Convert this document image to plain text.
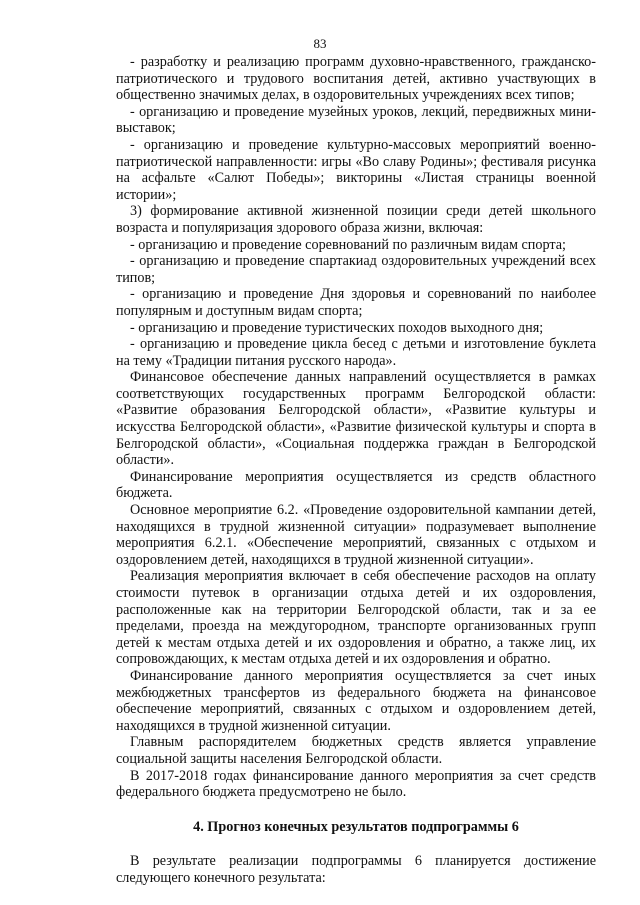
83

- разработку и реализацию программ духовно-нравственного, гражданско-патриотического и трудового воспитания детей, активно участвующих в общественно значимых делах, в оздоровительных учреждениях всех типов;

- организацию и проведение музейных уроков, лекций, передвижных мини-выставок;

- организацию и проведение культурно-массовых мероприятий военно-патриотической направленности: игры «Во славу Родины»; фестиваля рисунка на асфальте «Салют Победы»; викторины «Листая страницы военной истории»;

3) формирование активной жизненной позиции среди детей школьного возраста и популяризация здорового образа жизни, включая:

- организацию и проведение соревнований по различным видам спорта;

- организацию и проведение спартакиад оздоровительных учреждений всех типов;

- организацию и проведение Дня здоровья и соревнований по наиболее популярным и доступным видам спорта;

- организацию и проведение туристических походов выходного дня;

- организацию и проведение цикла бесед с детьми и изготовление буклета на тему «Традиции питания русского народа».

Финансовое обеспечение данных направлений осуществляется в рамках соответствующих государственных программ Белгородской области: «Развитие образования Белгородской области», «Развитие культуры и искусства Белгородской области», «Развитие физической культуры и спорта в Белгородской области», «Социальная поддержка граждан в Белгородской области».

Финансирование мероприятия осуществляется из средств областного бюджета.

Основное мероприятие 6.2. «Проведение оздоровительной кампании детей, находящихся в трудной жизненной ситуации» подразумевает выполнение мероприятия 6.2.1. «Обеспечение мероприятий, связанных с отдыхом и оздоровлением детей, находящихся в трудной жизненной ситуации».

Реализация мероприятия включает в себя обеспечение расходов на оплату стоимости путевок в организации отдыха детей и их оздоровления, расположенные как на территории Белгородской области, так и за ее пределами, проезда на междугородном, транспорте организованных групп детей к местам отдыха детей и их оздоровления и обратно, а также лиц, их сопровождающих, к местам отдыха детей и их оздоровления и обратно.

Финансирование данного мероприятия осуществляется за счет иных межбюджетных трансфертов из федерального бюджета на финансовое обеспечение мероприятий, связанных с отдыхом и оздоровлением детей, находящихся в трудной жизненной ситуации.

Главным распорядителем бюджетных средств является управление социальной защиты населения Белгородской области.

В 2017-2018 годах финансирование данного мероприятия за счет средств федерального бюджета предусмотрено не было.

4. Прогноз конечных результатов подпрограммы 6

В результате реализации подпрограммы 6 планируется достижение следующего конечного результата:
